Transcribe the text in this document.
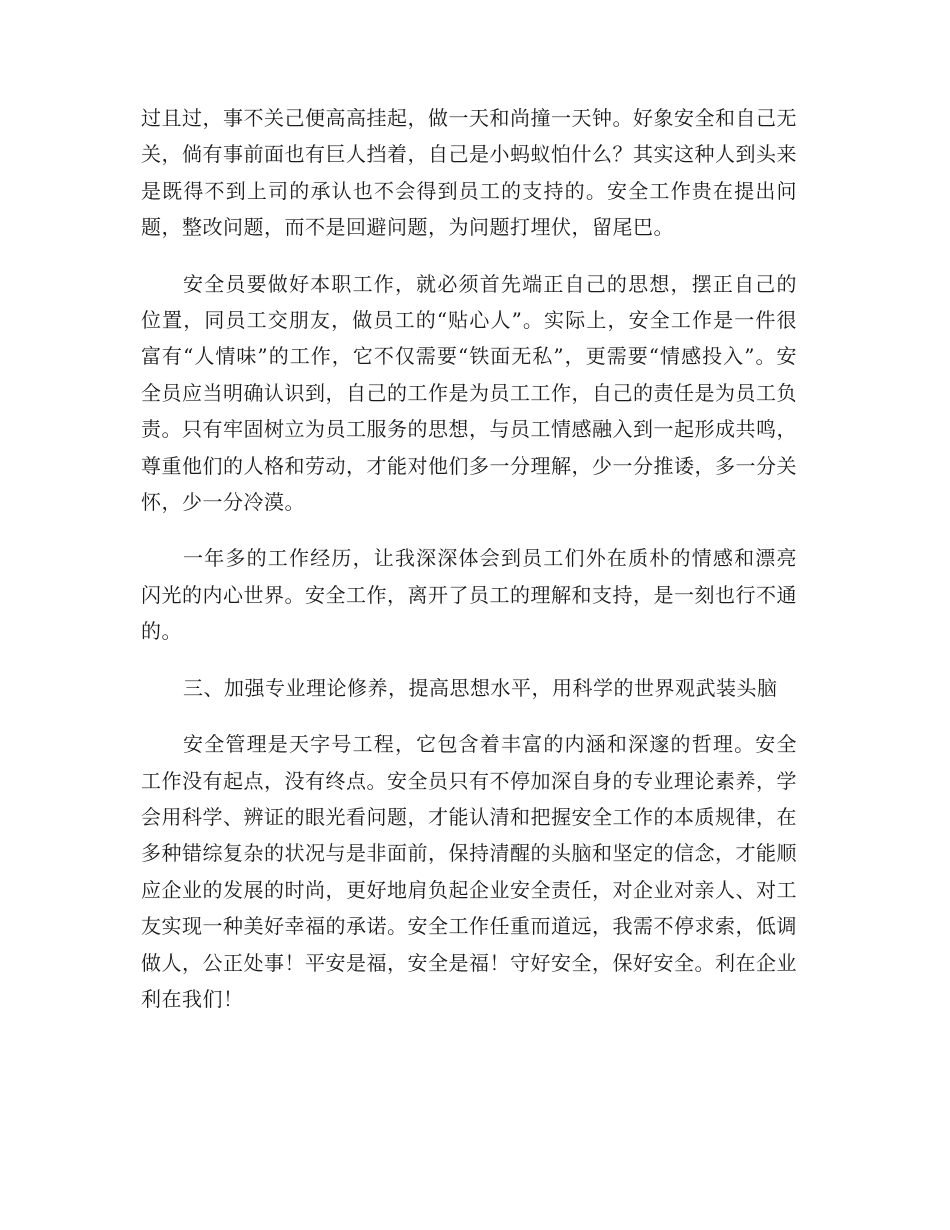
过且过，事不关己便高高挂起，做一天和尚撞一天钟。好象安全和自己无关，倘有事前面也有巨人挡着，自己是小蚂蚁怕什么？其实这种人到头来是既得不到上司的承认也不会得到员工的支持的。安全工作贵在提出问题，整改问题，而不是回避问题，为问题打埋伏，留尾巴。

安全员要做好本职工作，就必须首先端正自己的思想，摆正自己的位置，同员工交朋友，做员工的“贴心人”。实际上，安全工作是一件很富有“人情味”的工作，它不仅需要“铁面无私”，更需要“情感投入”。安全员应当明确认识到，自己的工作是为员工工作，自己的责任是为员工负责。只有牢固树立为员工服务的思想，与员工情感融入到一起形成共鸣，尊重他们的人格和劳动，才能对他们多一分理解，少一分推诿，多一分关怀，少一分冷漠。

一年多的工作经历，让我深深体会到员工们外在质朴的情感和漂亮闪光的内心世界。安全工作，离开了员工的理解和支持，是一刻也行不通的。

三、加强专业理论修养，提高思想水平，用科学的世界观武装头脑

安全管理是天字号工程，它包含着丰富的内涵和深邃的哲理。安全工作没有起点，没有终点。安全员只有不停加深自身的专业理论素养，学会用科学、辨证的眼光看问题，才能认清和把握安全工作的本质规律，在多种错综复杂的状况与是非面前，保持清醒的头脑和坚定的信念，才能顺应企业的发展的时尚，更好地肩负起企业安全责任，对企业对亲人、对工友实现一种美好幸福的承诺。安全工作任重而道远，我需不停求索，低调做人，公正处事！平安是福，安全是福！守好安全，保好安全。利在企业利在我们！
